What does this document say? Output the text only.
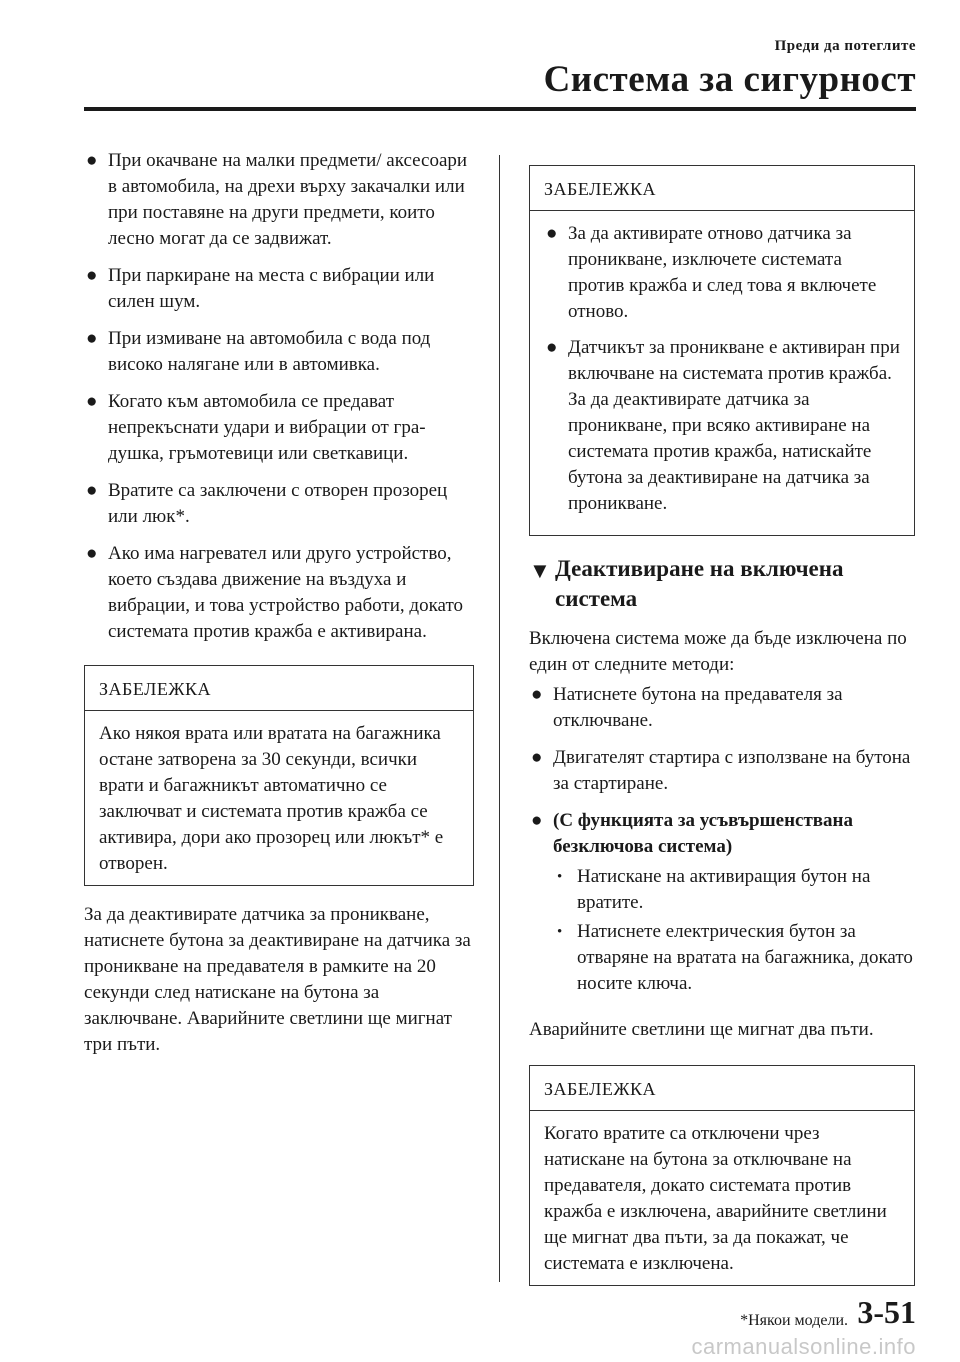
Преди да потеглите
Система за сигурност
● При окачване на малки предмети/ аксесоари в автомобила, на дрехи върху закачалки или при поставяне на други предмети, които лесно могат да се задвижат.
● При паркиране на места с вибрации или силен шум.
● При измиване на автомобила с вода под високо налягане или в автомивка.
● Когато към автомобила се предават непрекъснати удари и вибрации от гра- душка, гръмотевици или светкавици.
● Вратите са заключени с отворен прозорец или люк*.
● Ако има нагревател или друго устройство, което създава движение на въздуха и вибрации, и това устройство работи, докато системата против кражба е активирана.
ЗАБЕЛЕЖКА

Ако някоя врата или вратата на багажника остане затворена за 30 секунди, всички врати и багажникът автоматично се заключват и системата против кражба се активира, дори ако прозорец или люкът* е отворен.

За да деактивирате датчика за проникване, натиснете бутона за деактивиране на датчика за проникване на предавателя в рамките на 20 секунди след натискане на бутона за заключване. Аварийните светлини ще мигнат три пъти.

ЗАБЕЛЕЖКА
● За да активирате отново датчика за проникване, изключете системата против кражба и след това я включете отново.
● Датчикът за проникване е активиран при включване на системата против кражба.
За да деактивирате датчика за проникване, при всяко активиране на системата против кражба, натискайте бутона за деактивиране на датчика за проникване.
▼ Деактивиране на включена система

Включена система може да бъде изключена по един от следните методи:

● Натиснете бутона на предавателя за отключване.
● Двигателят стартира с използване на бутона за стартиране.
● (С функцията за усъвършенствана безключова система)
• Натискане на активиращия бутон на вратите.
• Натиснете електрическия бутон за отваряне на вратата на багажника, докато носите ключа.

Аварийните светлини ще мигнат два пъти.

ЗАБЕЛЕЖКА

Когато вратите са отключени чрез натискане на бутона за отключване на предавателя, докато системата против кражба е изключена, аварийните светлини ще мигнат два пъти, за да покажат, че системата е изключена.

*Някои модели. 3-51
carmanualsonline.info
